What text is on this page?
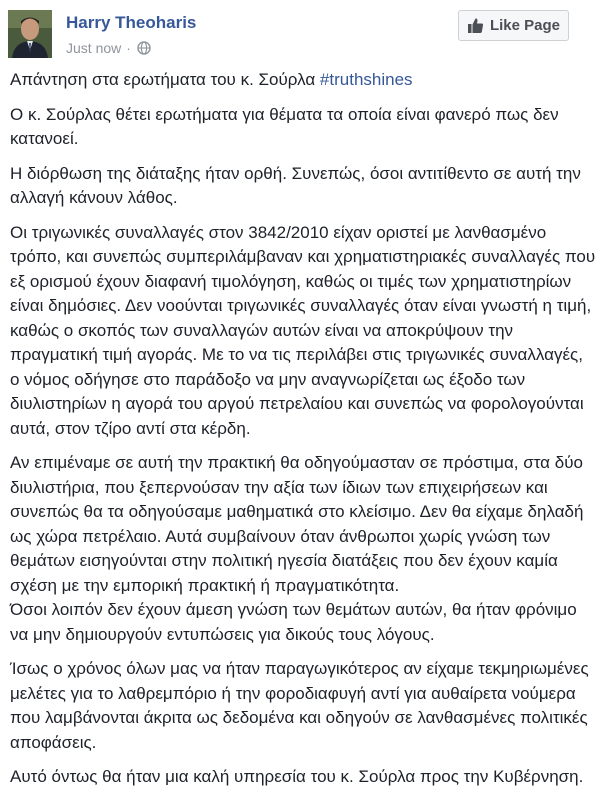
Harry Theoharis
Just now ·
Like Page

Απάντηση στα ερωτήματα του κ. Σούρλα #truthshines

Ο κ. Σούρλας θέτει ερωτήματα για θέματα τα οποία είναι φανερό πως δεν κατανοεί.

Η διόρθωση της διάταξης ήταν ορθή. Συνεπώς, όσοι αντιτίθεντο σε αυτή την αλλαγή κάνουν λάθος.

Οι τριγωνικές συναλλαγές στον 3842/2010 είχαν οριστεί με λανθασμένο τρόπο, και συνεπώς συμπεριλάμβαναν και χρηματιστηριακές συναλλαγές που εξ ορισμού έχουν διαφανή τιμολόγηση, καθώς οι τιμές των χρηματιστηρίων είναι δημόσιες. Δεν νοούνται τριγωνικές συναλλαγές όταν είναι γνωστή η τιμή, καθώς ο σκοπός των συναλλαγών αυτών είναι να αποκρύψουν την πραγματική τιμή αγοράς. Με το να τις περιλάβει στις τριγωνικές συναλλαγές, ο νόμος οδήγησε στο παράδοξο να μην αναγνωρίζεται ως έξοδο των διυλιστηρίων η αγορά του αργού πετρελαίου και συνεπώς να φορολογούνται αυτά, στον τζίρο αντί στα κέρδη.

Αν επιμέναμε σε αυτή την πρακτική θα οδηγούμασταν σε πρόστιμα, στα δύο διυλιστήρια, που ξεπερνούσαν την αξία των ίδιων των επιχειρήσεων και συνεπώς θα τα οδηγούσαμε μαθηματικά στο κλείσιμο. Δεν θα είχαμε δηλαδή ως χώρα πετρέλαιο. Αυτά συμβαίνουν όταν άνθρωποι χωρίς γνώση των θεμάτων εισηγούνται στην πολιτική ηγεσία διατάξεις που δεν έχουν καμία σχέση με την εμπορική πρακτική ή πραγματικότητα.

Όσοι λοιπόν δεν έχουν άμεση γνώση των θεμάτων αυτών, θα ήταν φρόνιμο να μην δημιουργούν εντυπώσεις για δικούς τους λόγους.

Ίσως ο χρόνος όλων μας να ήταν παραγωγικότερος αν είχαμε τεκμηριωμένες μελέτες για το λαθρεμπόριο ή την φοροδιαφυγή αντί για αυθαίρετα νούμερα που λαμβάνονται άκριτα ως δεδομένα και οδηγούν σε λανθασμένες πολιτικές αποφάσεις.

Αυτό όντως θα ήταν μια καλή υπηρεσία του κ. Σούρλα προς την Κυβέρνηση.
